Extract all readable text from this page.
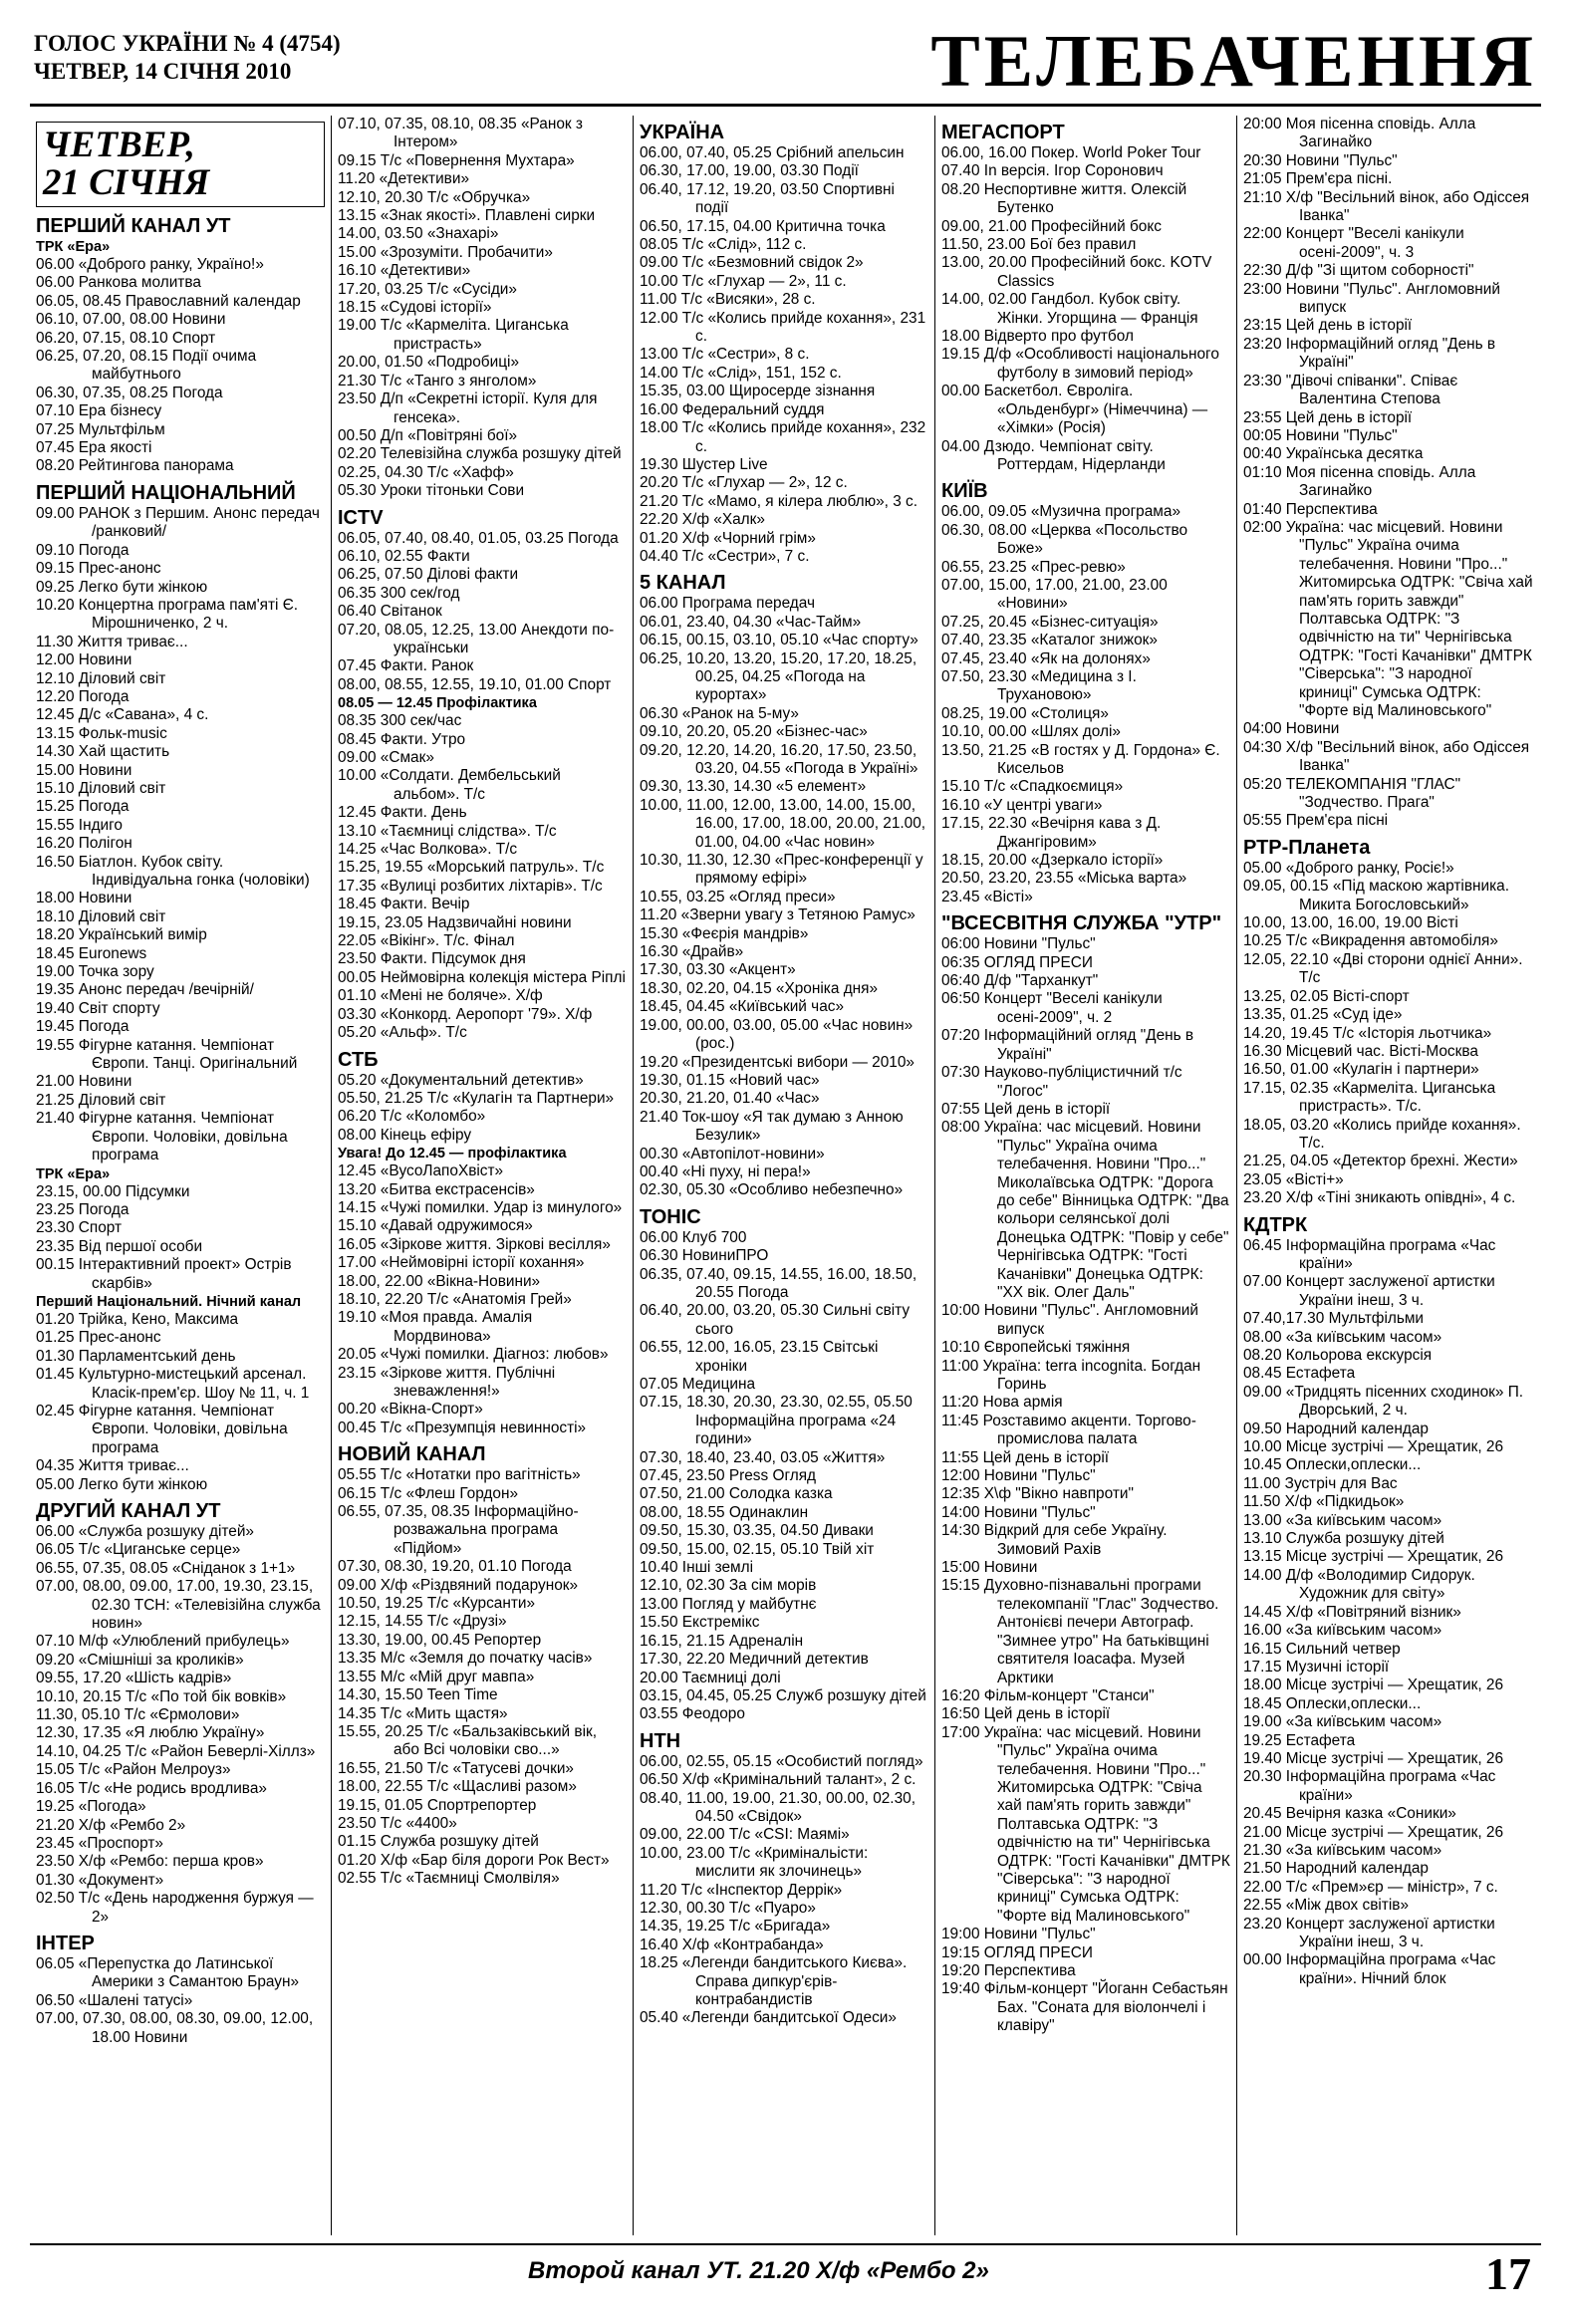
ГОЛОС УКРАЇНИ № 4 (4754)
ЧЕТВЕР, 14 СІЧНЯ 2010	ТЕЛЕБАЧЕННЯ
ЧЕТВЕР,
21 СІЧНЯ
ПЕРШИЙ КАНАЛ УТ
ТРК «Ера»
06.00 «Доброго ранку, Україно!»
06.00 Ранкова молитва
06.05, 08.45 Православний календар
06.10, 07.00, 08.00 Новини
06.20, 07.15, 08.10 Спорт
06.25, 07.20, 08.15 Події очима майбутнього
06.30, 07.35, 08.25 Погода
07.10 Ера бізнесу
07.25 Мультфільм
07.45 Ера якості
08.20 Рейтингова панорама
ПЕРШИЙ НАЦІОНАЛЬНИЙ
09.00 РАНОК з Першим. Анонс передач /ранковий/
09.10 Погода
09.15 Прес-анонс
09.25 Легко бути жінкою
10.20 Концертна програма пам'яті Є. Мірошниченко, 2 ч.
11.30 Життя триває...
12.00 Новини
12.10 Діловий світ
12.20 Погода
12.45 Д/с «Савана», 4 с.
13.15 Фольк-music
14.30 Хай щастить
15.00 Новини
15.10 Діловий світ
15.25 Погода
15.55 Індиго
16.20 Полігон
16.50 Біатлон. Кубок світу. Індивідуальна гонка (чоловіки)
18.00 Новини
18.10 Діловий світ
18.20 Український вимір
18.45 Euronews
19.00 Точка зору
19.35 Анонс передач /вечірній/
19.40 Світ спорту
19.45 Погода
19.55 Фігурне катання. Чемпіонат Європи. Танці. Оригінальний
21.00 Новини
21.25 Діловий світ
21.40 Фігурне катання. Чемпіонат Європи. Чоловіки, довільна програма
ТРК «Ера»
23.15, 00.00 Підсумки
23.25 Погода
23.30 Спорт
23.35 Від першої особи
00.15 Інтерактивний проект» Острів скарбів»
Перший Національний. Нічний канал
01.20 Трійка, Кено, Максима
01.25 Прес-анонс
01.30 Парламентський день
01.45 Культурно-мистецький арсенал. Класік-прем'єр. Шоу № 11, ч. 1
02.45 Фігурне катання. Чемпіонат Європи. Чоловіки, довільна програма
04.35 Життя триває...
05.00 Легко бути жінкою
ДРУГИЙ КАНАЛ УТ
06.00 «Служба розшуку дітей»
06.05 Т/с «Циганське серце»
06.55, 07.35, 08.05 «Сніданок з 1+1»
07.00, 08.00, 09.00, 17.00, 19.30, 23.15, 02.30 ТСН: «Телевізійна служба новин»
07.10 М/ф «Улюблений прибулець»
09.20 «Смішніші за кроликів»
09.55, 17.20 «Шість кадрів»
10.10, 20.15 Т/с «По той бік вовків»
11.30, 05.10 Т/с «Єрмолови»
12.30, 17.35 «Я люблю Україну»
14.10, 04.25 Т/с «Район Беверлі-Хіллз»
15.05 Т/с «Район Мелроуз»
16.05 Т/с «Не родись вродлива»
19.25 «Погода»
21.20 Х/ф «Рембо 2»
23.45 «Проспорт»
23.50 Х/ф «Рембо: перша кров»
01.30 «Документ»
02.50 Т/с «День народження буржуя — 2»
ІНТЕР
06.05 «Перепустка до Латинської Америки з Самантою Браун»
06.50 «Шалені татусі»
07.00, 07.30, 08.00, 08.30, 09.00, 12.00, 18.00 Новини
07.10, 07.35, 08.10, 08.35 «Ранок з Інтером»
09.15 Т/с «Повернення Мухтара»
11.20 «Детективи»
12.10, 20.30 Т/с «Обручка»
13.15 «Знак якості». Плавлені сирки
14.00, 03.50 «Знахарі»
15.00 «Зрозуміти. Пробачити»
16.10 «Детективи»
17.20, 03.25 Т/с «Сусіди»
18.15 «Судові історії»
19.00 Т/с «Кармеліта. Циганська пристрасть»
20.00, 01.50 «Подробиці»
21.30 Т/с «Танго з янголом»
23.50 Д/п «Секретні історії. Куля для генсека».
00.50 Д/п «Повітряні бої»
02.20 Телевізійна служба розшуку дітей
02.25, 04.30 Т/с «Хафф»
05.30 Уроки тітоньки Сови
ICTV
06.05, 07.40, 08.40, 01.05, 03.25 Погода
06.10, 02.55 Факти
06.25, 07.50 Ділові факти
06.35 300 сек/год
06.40 Світанок
07.20, 08.05, 12.25, 13.00 Анекдоти по-українськи
07.45 Факти. Ранок
08.00, 08.55, 12.55, 19.10, 01.00 Спорт
08.05 — 12.45 Профілактика
08.35 300 сек/час
08.45 Факти. Утро
09.00 «Смак»
10.00 «Солдати. Дембельський альбом». Т/с
12.45 Факти. День
13.10 «Таємниці слідства». Т/с
14.25 «Час Волкова». Т/с
15.25, 19.55 «Морський патруль». Т/с
17.35 «Вулиці розбитих ліхтарів». Т/с
18.45 Факти. Вечір
19.15, 23.05 Надзвичайні новини
22.05 «Вікінг». Т/с. Фінал
23.50 Факти. Підсумок дня
00.05 Неймовірна колекція містера Ріплі
01.10 «Мені не боляче». Х/ф
03.30 «Конкорд. Аеропорт '79». Х/ф
05.20 «Альф». Т/с
СТБ
05.20 «Документальний детектив»
05.50, 21.25 Т/с «Кулагін та Партнери»
06.20 Т/с «Коломбо»
08.00 Кінець ефіру
Увага! До 12.45 — профілактика
12.45 «ВусоЛапоХвіст»
13.20 «Битва екстрасенсів»
14.15 «Чужі помилки. Удар із минулого»
15.10 «Давай одружимося»
16.05 «Зіркове життя. Зіркові весілля»
17.00 «Неймовірні історії кохання»
18.00, 22.00 «Вікна-Новини»
18.10, 22.20 Т/с «Анатомія Грей»
19.10 «Моя правда. Амалія Мордвинова»
20.05 «Чужі помилки. Діагноз: любов»
23.15 «Зіркове життя. Публічні зневажлення!»
00.20 «Вікна-Спорт»
00.45 Т/с «Презумпція невинності»
НОВИЙ КАНАЛ
05.55 Т/с «Нотатки про вагітність»
06.15 Т/с «Флеш Гордон»
06.55, 07.35, 08.35 Інформаційно-розважальна програма «Підйом»
07.30, 08.30, 19.20, 01.10 Погода
09.00 Х/ф «Різдвяний подарунок»
10.50, 19.25 Т/с «Курсанти»
12.15, 14.55 Т/с «Друзі»
13.30, 19.00, 00.45 Репортер
13.35 М/с «Земля до початку часів»
13.55 М/с «Мій друг мавпа»
14.30, 15.50 Teen Time
14.35 Т/с «Мить щастя»
15.55, 20.25 Т/с «Бальзаківський вік, або Всі чоловіки сво...»
16.55, 21.50 Т/с «Татусеві дочки»
18.00, 22.55 Т/с «Щасливі разом»
19.15, 01.05 Спортрепортер
23.50 Т/с «4400»
01.15 Служба розшуку дітей
01.20 Х/ф «Бар біля дороги Рок Вест»
02.55 Т/с «Таємниці Смолвіля»
УКРАЇНА
06.00, 07.40, 05.25 Срібний апельсин
06.30, 17.00, 19.00, 03.30 Події
06.40, 17.12, 19.20, 03.50 Спортивні події
06.50, 17.15, 04.00 Критична точка
08.05 Т/с «Слід», 112 с.
09.00 Т/с «Безмовний свідок 2»
10.00 Т/с «Глухар — 2», 11 с.
11.00 Т/с «Висяки», 28 с.
12.00 Т/с «Колись прийде кохання», 231 с.
13.00 Т/с «Сестри», 8 с.
14.00 Т/с «Слід», 151, 152 с.
15.35, 03.00 Щиросерде зізнання
16.00 Федеральний суддя
18.00 Т/с «Колись прийде кохання», 232 с.
19.30 Шустер Live
20.20 Т/с «Глухар — 2», 12 с.
21.20 Т/с «Мамо, я кілера люблю», 3 с.
22.20 Х/ф «Халк»
01.20 Х/ф «Чорний грім»
04.40 Т/с «Сестри», 7 с.
5 КАНАЛ
06.00 Програма передач
06.01, 23.40, 04.30 «Час-Тайм»
06.15, 00.15, 03.10, 05.10 «Час спорту»
06.25, 10.20, 13.20, 15.20, 17.20, 18.25, 00.25, 04.25 «Погода на курортах»
06.30 «Ранок на 5-му»
09.10, 20.20, 05.20 «Бізнес-час»
09.20, 12.20, 14.20, 16.20, 17.50, 23.50, 03.20, 04.55 «Погода в Україні»
09.30, 13.30, 14.30 «5 елемент»
10.00, 11.00, 12.00, 13.00, 14.00, 15.00, 16.00, 17.00, 18.00, 20.00, 21.00, 01.00, 04.00 «Час новин»
10.30, 11.30, 12.30 «Прес-конференції у прямому ефірі»
10.55, 03.25 «Огляд преси»
11.20 «Зверни увагу з Тетяною Рамус»
15.30 «Феєрія мандрів»
16.30 «Драйв»
17.30, 03.30 «Акцент»
18.30, 02.20, 04.15 «Хроніка дня»
18.45, 04.45 «Київський час»
19.00, 00.00, 03.00, 05.00 «Час новин» (рос.)
19.20 «Президентські вибори — 2010»
19.30, 01.15 «Новий час»
20.30, 21.20, 01.40 «Час»
21.40 Ток-шоу «Я так думаю з Анною Безулик»
00.30 «Автопілот-новини»
00.40 «Ні пуху, ні пера!»
02.30, 05.30 «Особливо небезпечно»
ТОНІС
06.00 Клуб 700
06.30 НовиниПРО
06.35, 07.40, 09.15, 14.55, 16.00, 18.50, 20.55 Погода
06.40, 20.00, 03.20, 05.30 Сильні світу сього
06.55, 12.00, 16.05, 23.15 Світські хроніки
07.05 Медицина
07.15, 18.30, 20.30, 23.30, 02.55, 05.50 Інформаційна програма «24 години»
07.30, 18.40, 23.40, 03.05 «Життя»
07.45, 23.50 Press Огляд
07.50, 21.00 Солодка казка
08.00, 18.55 Одинаклин
09.50, 15.30, 03.35, 04.50 Диваки
09.50, 15.00, 02.15, 05.10 Твій хіт
10.40 Інші землі
12.10, 02.30 За сім морів
13.00 Погляд у майбутнє
15.50 Екстремікс
16.15, 21.15 Адреналін
17.30, 22.20 Медичний детектив
20.00 Таємниці долі
03.15, 04.45, 05.25 Служб розшуку дітей
03.55 Феодоро
НТН
06.00, 02.55, 05.15 «Особистий погляд»
06.50 Х/ф «Кримінальний талант», 2 с.
08.40, 11.00, 19.00, 21.30, 00.00, 02.30, 04.50 «Свідок»
09.00, 22.00 Т/с «CSI: Маямі»
10.00, 23.00 Т/с «Кримінальісти: мислити як злочинець»
11.20 Т/с «Інспектор Деррік»
12.30, 00.30 Т/с «Пуаро»
14.35, 19.25 Т/с «Бригада»
16.40 Х/ф «Контрабанда»
18.25 «Легенди бандитського Києва». Справа дипкур'єрів-контрабандистів
05.40 «Легенди бандитської Одеси»
МЕГАСПОРТ
06.00, 16.00 Покер. World Poker Tour
07.40 In версія. Ігор Соронович
08.20 Неспортивне життя. Олексій Бутенко
09.00, 21.00 Професійний бокс
11.50, 23.00 Бої без правил
13.00, 20.00 Професійний бокс. KOTV Classics
14.00, 02.00 Гандбол. Кубок світу. Жінки. Угорщина — Франція
18.00 Відверто про футбол
19.15 Д/ф «Особливості національного футболу в зимовий період»
00.00 Баскетбол. Євроліга. «Ольденбург» (Німеччина) — «Хімки» (Росія)
04.00 Дзюдо. Чемпіонат світу. Роттердам, Нідерланди
КИЇВ
06.00, 09.05 «Музична програма»
06.30, 08.00 «Церква «Посольство Боже»
06.55, 23.25 «Прес-ревю»
07.00, 15.00, 17.00, 21.00, 23.00 «Новини»
07.25, 20.45 «Бізнес-ситуація»
07.40, 23.35 «Каталог знижок»
07.45, 23.40 «Як на долонях»
07.50, 23.30 «Медицина з І. Трухановою»
08.25, 19.00 «Столиця»
10.10, 00.00 «Шлях долі»
13.50, 21.25 «В гостях у Д. Гордона» Є. Кисельов
15.10 Т/с «Спадкоємиця»
16.10 «У центрі уваги»
17.15, 22.30 «Вечірня кава з Д. Джангіровим»
18.15, 20.00 «Дзеркало історії»
20.50, 23.20, 23.55 «Міська варта»
23.45 «Вісті»
"ВСЕСВІТНЯ СЛУЖБА "УТР"
06:00 Новини "Пульс"
06:35 ОГЛЯД ПРЕСИ
06:40 Д/ф "Тарханкут"
06:50 Концерт "Веселі канікули осені-2009", ч. 2
07:20 Інформаційний огляд "День в Україні"
07:30 Науково-публіцистичний т/с "Логос"
07:55 Цей день в історії
08:00 Україна: час місцевий. Новини "Пульс" Україна очима телебачення. Новини "Про..." Миколаївська ОДТРК: "Дорога до себе" Вінницька ОДТРК: "Два кольори селянської долі Донецька ОДТРК: "Повір у себе" Чернігівська ОДТРК: "Гості Качанівки" Донецька ОДТРК: "ХХ вік. Олег Даль"
10:00 Новини "Пульс". Англомовний випуск
10:10 Європейські тяжіння
11:00 Україна: terra incognita. Богдан Горинь
11:20 Нова армія
11:45 Розставимо акценти. Торгово-промислова палата
11:55 Цей день в історії
12:00 Новини "Пульс"
12:35 Х\ф "Вікно навпроти"
14:00 Новини "Пульс"
14:30 Відкрий для себе Україну. Зимовий Рахів
15:00 Новини
15:15 Духовно-пізнавальні програми телекомпанії "Глас" Зодчество. Антонієві печери Автограф. "Зимнее утро" На батьківщині святителя Іоасафа. Музей Арктики
16:20 Фільм-концерт "Станси"
16:50 Цей день в історії
17:00 Україна: час місцевий. Новини "Пульс" Україна очима телебачення. Новини "Про..." Житомирська ОДТРК: "Свіча хай пам'ять горить завжди" Полтавська ОДТРК: "З одвічністю на ти" Чернігівська ОДТРК: "Гості Качанівки" ДМТРК "Сіверська": "З народної криниці" Сумська ОДТРК: "Форте від Малиновського"
19:00 Новини "Пульс"
19:15 ОГЛЯД ПРЕСИ
19:20 Перспектива
19:40 Фільм-концерт "Йоганн Себастьян Бах. "Соната для віолончелі і клавіру"
20:00 Моя пісенна сповідь. Алла Загинайко
20:30 Новини "Пульс"
21:05 Прем'єра пісні.
21:10 Х/ф "Весільний вінок, або Одіссея Іванка"
22:00 Концерт "Веселі канікули осені-2009", ч. 3
22:30 Д/ф "Зі щитом соборності"
23:00 Новини "Пульс". Англомовний випуск
23:15 Цей день в історії
23:20 Інформаційний огляд "День в Україні"
23:30 "Дівочі співанки". Співає Валентина Степова
23:55 Цей день в історії
00:05 Новини "Пульс"
00:40 Українська десятка
01:10 Моя пісенна сповідь. Алла Загинайко
01:40 Перспектива
02:00 Україна: час місцевий. Новини "Пульс" Україна очима телебачення. Новини "Про..." Житомирська ОДТРК: "Свіча хай пам'ять горить завжди" Полтавська ОДТРК: "З одвічністю на ти" Чернігівська ОДТРК: "Гості Качанівки" ДМТРК "Сіверська": "З народної криниці" Сумська ОДТРК: "Форте від Малиновського"
04:00 Новини
04:30 Х/ф "Весільний вінок, або Одіссея Іванка"
05:20 ТЕЛЕКОМПАНІЯ "ГЛАС" "Зодчество. Прага"
05:55 Прем'єра пісні
РТР-Планета
05.00 «Доброго ранку, Росіє!»
09.05, 00.15 «Під маскою жартівника. Микита Богословський»
10.00, 13.00, 16.00, 19.00 Вісті
10.25 Т/с «Викрадення автомобіля»
12.05, 22.10 «Дві сторони однієї Анни». Т/с
13.25, 02.05 Вісті-спорт
13.35, 01.25 «Суд іде»
14.20, 19.45 Т/с «Історія льотчика»
16.30 Місцевий час. Вісті-Москва
16.50, 01.00 «Кулагін і партнери»
17.15, 02.35 «Кармеліта. Циганська пристрасть». Т/с.
18.05, 03.20 «Колись прийде кохання». Т/с.
21.25, 04.05 «Детектор брехні. Жести»
23.05 «Вісті+»
23.20 Х/ф «Тіні зникають опівдні», 4 с.
КДТРК
06.45 Інформаційна програма «Час країни»
07.00 Концерт заслуженої артистки України інеш, 3 ч.
07.40,17.30 Мультфільми
08.00 «За київським часом»
08.20 Кольорова екскурсія
08.45 Естафета
09.00 «Тридцять пісенних сходинок» П. Дворський, 2 ч.
09.50 Народний календар
10.00 Місце зустрічі — Хрещатик, 26
10.45 Оплески,оплески...
11.00 Зустріч для Вас
11.50 Х/ф «Підкидьок»
13.00 «За київським часом»
13.10 Служба розшуку дітей
13.15 Місце зустрічі — Хрещатик, 26
14.00 Д/ф «Володимир Сидорук. Художник для світу»
14.45 Х/ф «Повітряний візник»
16.00 «За київським часом»
16.15 Сильний четвер
17.15 Музичні історії
18.00 Місце зустрічі — Хрещатик, 26
18.45 Оплески,оплески...
19.00 «За київським часом»
19.25 Естафета
19.40 Місце зустрічі — Хрещатик, 26
20.30 Інформаційна програма «Час країни»
20.45 Вечірня казка «Соники»
21.00 Місце зустрічі — Хрещатик, 26
21.30 «За київським часом»
21.50 Народний календар
22.00 Т/с «Прем»єр — міністр», 7 с.
22.55 «Між двох світів»
23.20 Концерт заслуженої артистки України інеш, 3 ч.
00.00 Інформаційна програма «Час країни». Нічний блок
Второй канал УТ. 21.20 Х/ф «Рембо 2»	17
